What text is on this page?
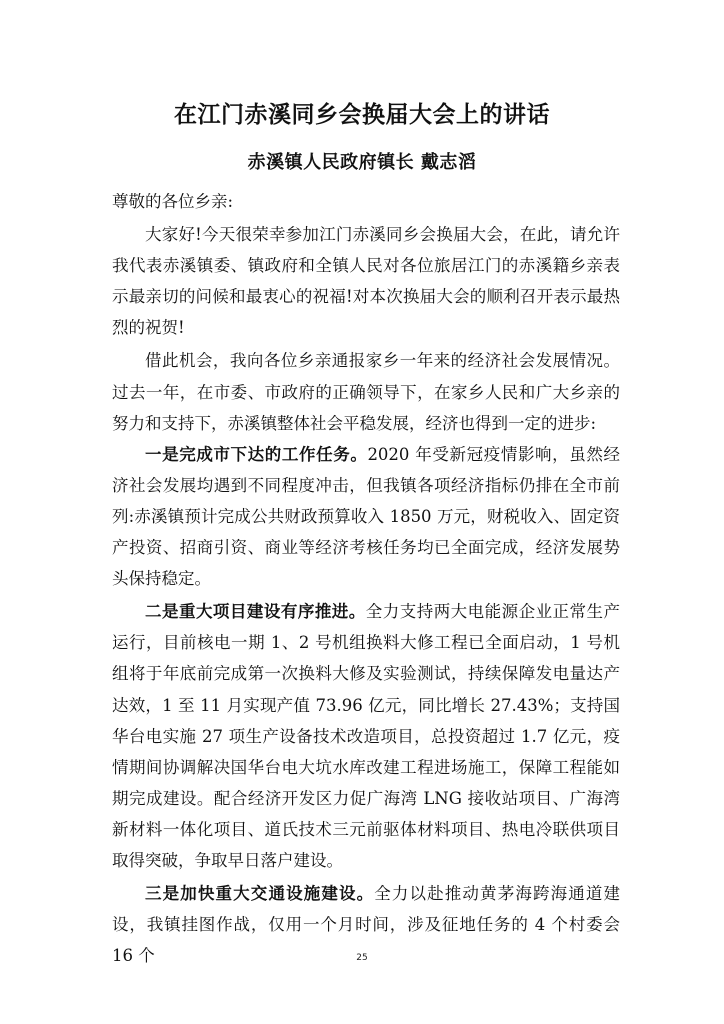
在江门赤溪同乡会换届大会上的讲话
赤溪镇人民政府镇长 戴志滔

尊敬的各位乡亲:

大家好!今天很荣幸参加江门赤溪同乡会换届大会，在此，请允许我代表赤溪镇委、镇政府和全镇人民对各位旅居江门的赤溪籍乡亲表示最亲切的问候和最衷心的祝福!对本次换届大会的顺利召开表示最热烈的祝贺!

借此机会，我向各位乡亲通报家乡一年来的经济社会发展情况。过去一年，在市委、市政府的正确领导下，在家乡人民和广大乡亲的努力和支持下，赤溪镇整体社会平稳发展，经济也得到一定的进步:

一是完成市下达的工作任务。2020 年受新冠疫情影响，虽然经济社会发展均遇到不同程度冲击，但我镇各项经济指标仍排在全市前列:赤溪镇预计完成公共财政预算收入 1850 万元，财税收入、固定资产投资、招商引资、商业等经济考核任务均已全面完成，经济发展势头保持稳定。

二是重大项目建设有序推进。全力支持两大电能源企业正常生产运行，目前核电一期 1、2 号机组换料大修工程已全面启动，1 号机组将于年底前完成第一次换料大修及实验测试，持续保障发电量达产达效，1 至 11 月实现产值 73.96 亿元，同比增长 27.43%；支持国华台电实施 27 项生产设备技术改造项目，总投资超过 1.7 亿元，疫情期间协调解决国华台电大坑水库改建工程进场施工，保障工程能如期完成建设。配合经济开发区力促广海湾 LNG 接收站项目、广海湾新材料一体化项目、道氏技术三元前驱体材料项目、热电冷联供项目取得突破，争取早日落户建设。

三是加快重大交通设施建设。全力以赴推动黄茅海跨海通道建设，我镇挂图作战，仅用一个月时间，涉及征地任务的 4 个村委会 16 个	25
